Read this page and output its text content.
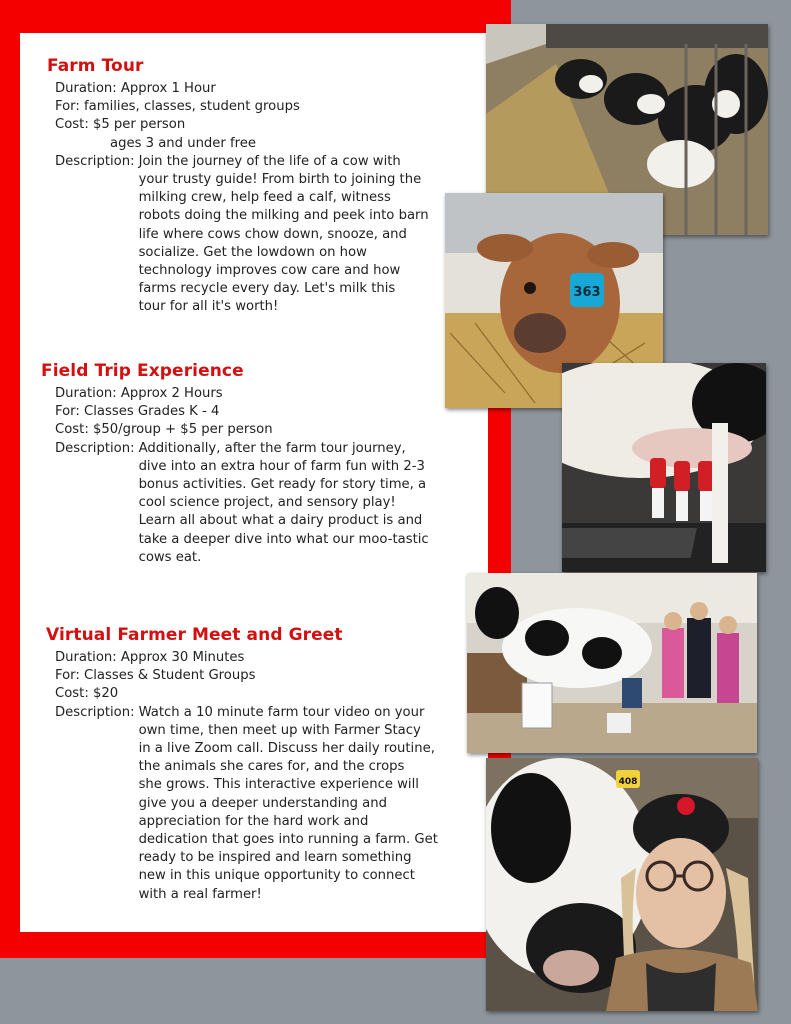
Farm Tour
Duration: Approx 1 Hour
For: families, classes, student groups
Cost: $5 per person
ages 3 and under free
Description: Join the journey of the life of a cow with
your trusty guide! From birth to joining the
milking crew, help feed a calf, witness
robots doing the milking and peek into barn
life where cows chow down, snooze, and
socialize. Get the lowdown on how
technology improves cow care and how
farms recycle every day. Let's milk this
tour for all it's worth!
Field Trip Experience
Duration: Approx 2 Hours
For: Classes Grades K - 4
Cost: $50/group + $5 per person
Description: Additionally, after the farm tour journey,
dive into an extra hour of farm fun with 2-3
bonus activities. Get ready for story time, a
cool science project, and sensory play!
Learn all about what a dairy product is and
take a deeper dive into what our moo-tastic
cows eat.
Virtual Farmer Meet and Greet
Duration: Approx 30 Minutes
For: Classes & Student Groups
Cost: $20
Description: Watch a 10 minute farm tour video on your
own time, then meet up with Farmer Stacy
in a live Zoom call. Discuss her daily routine,
the animals she cares for, and the crops
she grows. This interactive experience will
give you a deeper understanding and
appreciation for the hard work and
dedication that goes into running a farm. Get
ready to be inspired and learn something
new in this unique opportunity to connect
with a real farmer!
363
408
